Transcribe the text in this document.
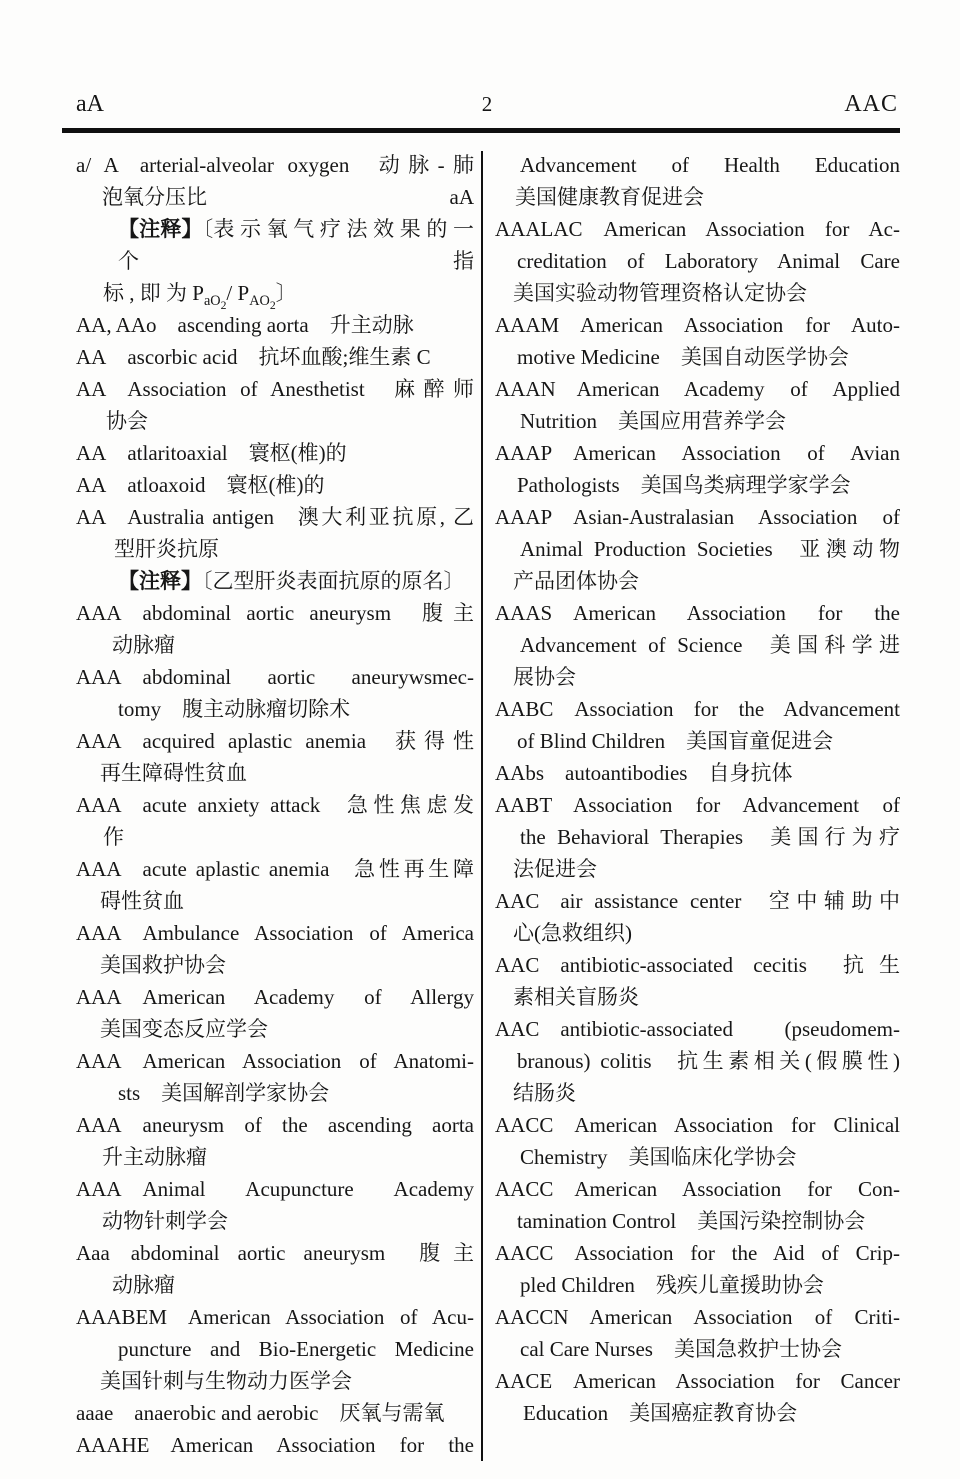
aA	2	AAC
a/ A arterial-alveolar oxygen 动脉-肺
泡氧分压比	aA
【注释】〔表 示 氧 气 疗 法 效 果 的 一 个 指
标 , 即 为 $P_{aO_2}/$ $P_{AO_2}$〕
AA, AAo ascending aorta 升主动脉
AA ascorbic acid 抗坏血酸;维生素 C
AA Association of Anesthetist 麻醉师
协会
AA atlaritoaxial 寰枢(椎)的
AA atloaxoid 寰枢(椎)的
AA Australia antigen 澳大利亚抗原, 乙
型肝炎抗原
【注释】〔乙型肝炎表面抗原的原名〕
AAA abdominal aortic aneurysm 腹主
动脉瘤
AAA abdominal aortic aneurywsmec-
tomy 腹主动脉瘤切除术
AAA acquired aplastic anemia 获得性
再生障碍性贫血
AAA acute anxiety attack 急性焦虑发
作
AAA acute aplastic anemia 急性再生障
碍性贫血
AAA Ambulance Association of America
美国救护协会
AAA American Academy of Allergy
美国变态反应学会
AAA American Association of Anatomi-
sts 美国解剖学家协会
AAA aneurysm of the ascending aorta
升主动脉瘤
AAA Animal Acupuncture Academy
动物针刺学会
Aaa abdominal aortic aneurysm 腹主
动脉瘤
AAABEM American Association of Acu-
puncture and Bio-Energetic Medicine
美国针刺与生物动力医学会
aaae anaerobic and aerobic 厌氧与需氧
AAAHE American Association for the
Advancement of Health Education
美国健康教育促进会
AAALAC American Association for Ac-
creditation of Laboratory Animal Care
美国实验动物管理资格认定协会
AAAM American Association for Auto-
motive Medicine 美国自动医学协会
AAAN American Academy of Applied
Nutrition 美国应用营养学会
AAAP American Association of Avian
Pathologists 美国鸟类病理学家学会
AAAP Asian-Australasian Association of
Animal Production Societies 亚澳动物
产品团体协会
AAAS American Association for the
Advancement of Science 美国科学进
展协会
AABC Association for the Advancement
of Blind Children 美国盲童促进会
AAbs autoantibodies 自身抗体
AABT Association for Advancement of
the Behavioral Therapies 美国行为疗
法促进会
AAC air assistance center 空中辅助中
心(急救组织)
AAC antibiotic-associated cecitis 抗生
素相关盲肠炎
AAC antibiotic-associated (pseudomem-
branous) colitis 抗生素相关(假膜性)
结肠炎
AACC American Association for Clinical
Chemistry 美国临床化学协会
AACC American Association for Con-
tamination Control 美国污染控制协会
AACC Association for the Aid of Crip-
pled Children 残疾儿童援助协会
AACCN American Association of Criti-
cal Care Nurses 美国急救护士协会
AACE American Association for Cancer
Education 美国癌症教育协会
